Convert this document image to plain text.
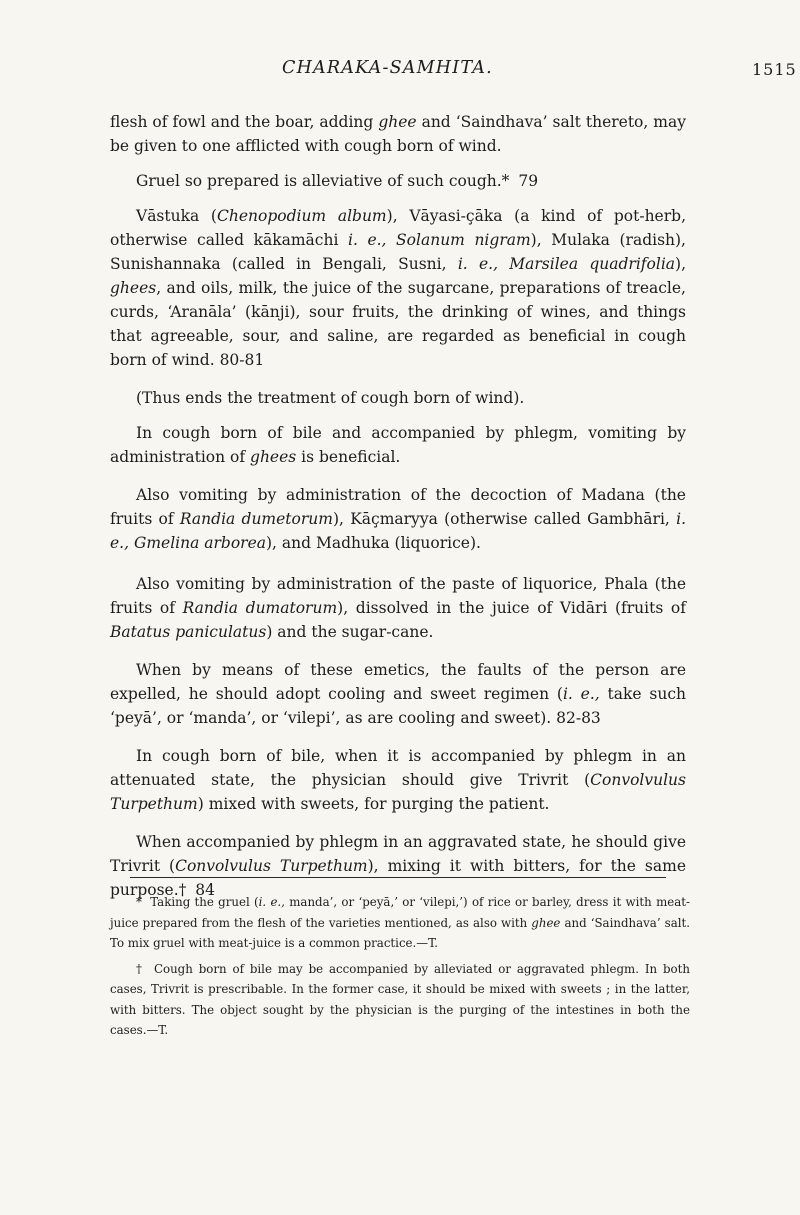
CHARAKA-SAMHITA.	1515

flesh of fowl and the boar, adding ghee and ‘Saindhava’ salt thereto, may be given to one afflicted with cough born of wind.

Gruel so prepared is alleviative of such cough.* 79

Vāstuka (Chenopodium album), Vāyasi-çāka (a kind of pot-herb, otherwise called kākamāchi i. e., Solanum nigram), Mulaka (radish), Sunishannaka (called in Bengali, Susni, i. e., Marsilea quadrifolia), ghees, and oils, milk, the juice of the sugarcane, preparations of treacle, curds, ‘Aranāla’ (kānji), sour fruits, the drinking of wines, and things that agreeable, sour, and saline, are regarded as beneficial in cough born of wind. 80-81

(Thus ends the treatment of cough born of wind).

In cough born of bile and accompanied by phlegm, vomiting by administration of ghees is beneficial.

Also vomiting by administration of the decoction of Madana (the fruits of Randia dumetorum), Kāçmaryya (otherwise called Gambhāri, i. e., Gmelina arborea), and Madhuka (liquorice).

Also vomiting by administration of the paste of liquorice, Phala (the fruits of Randia dumatorum), dissolved in the juice of Vidāri (fruits of Batatus paniculatus) and the sugar-cane.

When by means of these emetics, the faults of the person are expelled, he should adopt cooling and sweet regimen (i. e., take such ‘peyā’, or ‘manda’, or ‘vilepi’, as are cooling and sweet). 82-83

In cough born of bile, when it is accompanied by phlegm in an attenuated state, the physician should give Trivrit (Convolvulus Turpethum) mixed with sweets, for purging the patient.

When accompanied by phlegm in an aggravated state, he should give Trivrit (Convolvulus Turpethum), mixing it with bitters, for the same purpose.† 84

* Taking the gruel (i. e., manda’, or ‘peyā,’ or ‘vilepi,’) of rice or barley, dress it with meat-juice prepared from the flesh of the varieties mentioned, as also with ghee and ‘Saindhava’ salt. To mix gruel with meat-juice is a common practice.—T.

† Cough born of bile may be accompanied by alleviated or aggravated phlegm. In both cases, Trivrit is prescribable. In the former case, it should be mixed with sweets ; in the latter, with bitters. The object sought by the physician is the purging of the intestines in both the cases.—T.
